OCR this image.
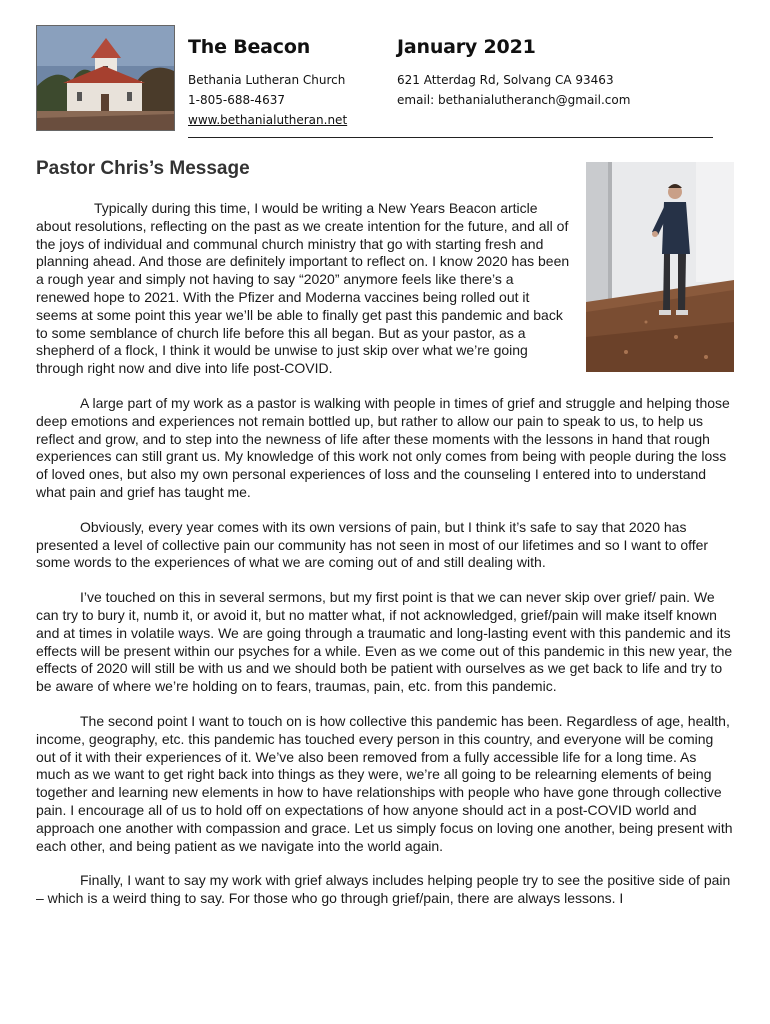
The Beacon
Bethania Lutheran Church
1-805-688-4637
www.bethanialutheran.net
January 2021
621 Atterdag Rd, Solvang CA 93463
email: bethanialutheranch@gmail.com
Pastor Chris’s Message

Typically during this time, I would be writing a New Years Beacon article about resolutions, reflecting on the past as we create intention for the future, and all of the joys of individual and communal church ministry that go with starting fresh and planning ahead. And those are definitely important to reflect on. I know 2020 has been a rough year and simply not having to say “2020” anymore feels like there’s a renewed hope to 2021. With the Pfizer and Moderna vaccines being rolled out it seems at some point this year we’ll be able to finally get past this pandemic and back to some semblance of church life before this all began. But as your pastor, as a shepherd of a flock, I think it would be unwise to just skip over what we’re going through right now and dive into life post-COVID.

A large part of my work as a pastor is walking with people in times of grief and struggle and helping those deep emotions and experiences not remain bottled up, but rather to allow our pain to speak to us, to help us reflect and grow, and to step into the newness of life after these moments with the lessons in hand that rough experiences can still grant us. My knowledge of this work not only comes from being with people during the loss of loved ones, but also my own personal experiences of loss and the counseling I entered into to understand what pain and grief has taught me.

Obviously, every year comes with its own versions of pain, but I think it’s safe to say that 2020 has presented a level of collective pain our community has not seen in most of our lifetimes and so I want to offer some words to the experiences of what we are coming out of and still dealing with.

I’ve touched on this in several sermons, but my first point is that we can never skip over grief/ pain. We can try to bury it, numb it, or avoid it, but no matter what, if not acknowledged, grief/pain will make itself known and at times in volatile ways. We are going through a traumatic and long-lasting event with this pandemic and its effects will be present within our psyches for a while. Even as we come out of this pandemic in this new year, the effects of 2020 will still be with us and we should both be patient with ourselves as we get back to life and try to be aware of where we’re holding on to fears, traumas, pain, etc. from this pandemic.

The second point I want to touch on is how collective this pandemic has been. Regardless of age, health, income, geography, etc. this pandemic has touched every person in this country, and everyone will be coming out of it with their experiences of it. We’ve also been removed from a fully accessible life for a long time. As much as we want to get right back into things as they were, we’re all going to be relearning elements of being together and learning new elements in how to have relationships with people who have gone through collective pain. I encourage all of us to hold off on expectations of how anyone should act in a post-COVID world and approach one another with compassion and grace. Let us simply focus on loving one another, being present with each other, and being patient as we navigate into the world again.

Finally, I want to say my work with grief always includes helping people try to see the positive side of pain – which is a weird thing to say. For those who go through grief/pain, there are always lessons. I
